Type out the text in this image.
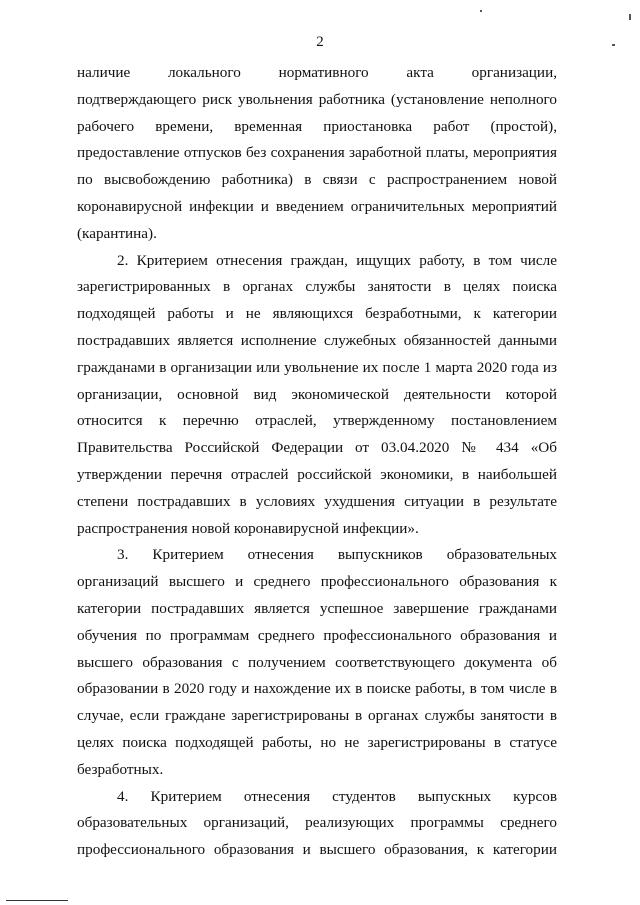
2
наличие локального нормативного акта организации,
подтверждающего риск увольнения работника (установление неполного
рабочего времени, временная приостановка работ (простой),
предоставление отпусков без сохранения заработной платы, мероприятия
по высвобождению работника) в связи с распространением новой
коронавирусной инфекции и введением ограничительных мероприятий
(карантина).
2. Критерием отнесения граждан, ищущих работу, в том числе
зарегистрированных в органах службы занятости в целях поиска
подходящей работы и не являющихся безработными, к категории
пострадавших является исполнение служебных обязанностей данными
гражданами в организации или увольнение их после 1 марта 2020 года из
организации, основной вид экономической деятельности которой
относится к перечню отраслей, утвержденному постановлением
Правительства Российской Федерации от 03.04.2020 № 434 «Об
утверждении перечня отраслей российской экономики, в наибольшей
степени пострадавших в условиях ухудшения ситуации в результате
распространения новой коронавирусной инфекции».
3. Критерием отнесения выпускников образовательных
организаций высшего и среднего профессионального образования к
категории пострадавших является успешное завершение гражданами
обучения по программам среднего профессионального образования и
высшего образования с получением соответствующего документа об
образовании в 2020 году и нахождение их в поиске работы, в том числе в
случае, если граждане зарегистрированы в органах службы занятости в
целях поиска подходящей работы, но не зарегистрированы в статусе
безработных.
4. Критерием отнесения студентов выпускных курсов
образовательных организаций, реализующих программы среднего
профессионального образования и высшего образования, к категории
